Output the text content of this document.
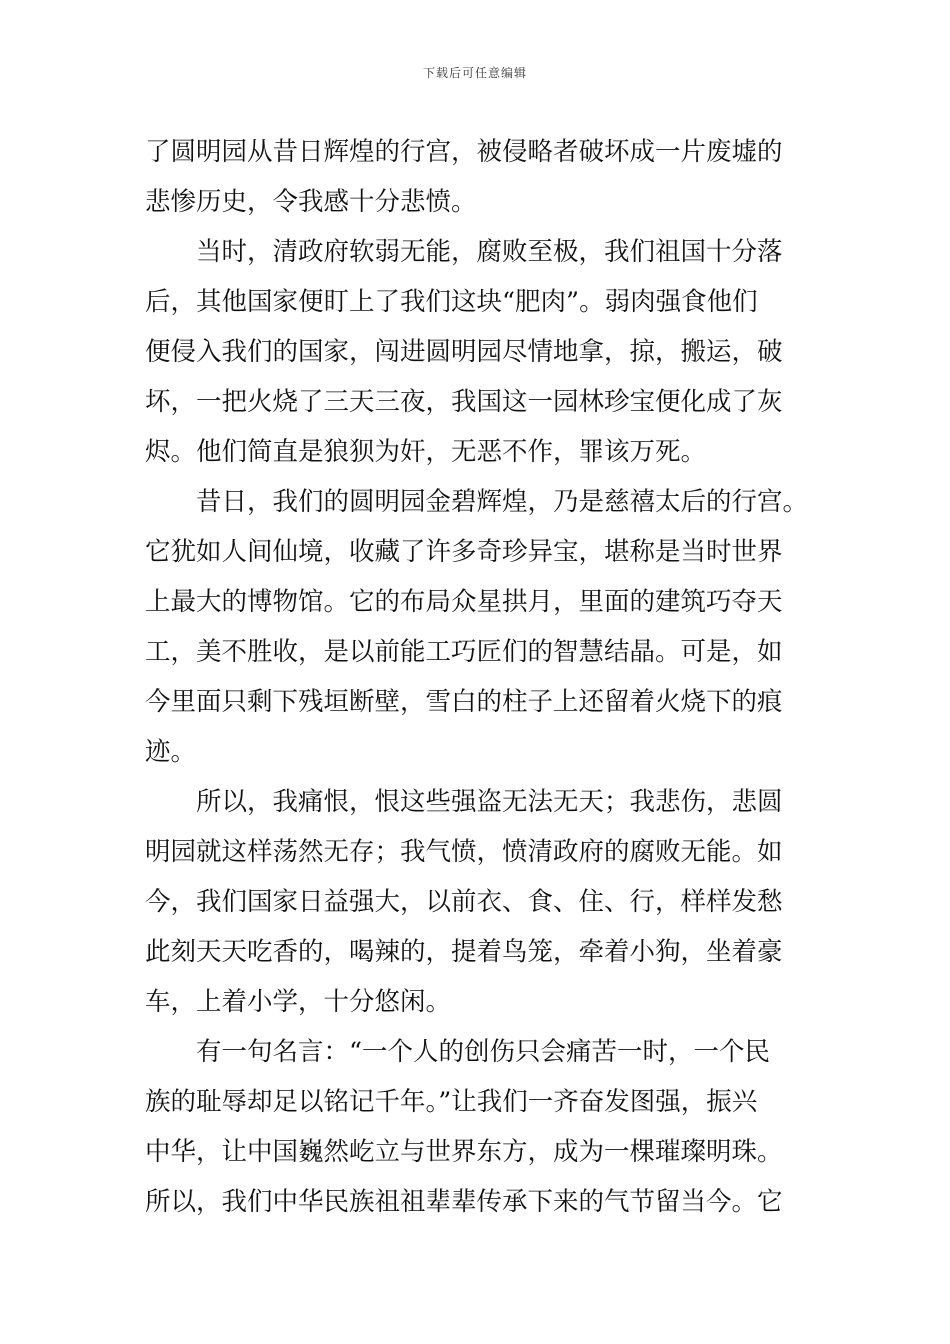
下载后可任意编辑
了圆明园从昔日辉煌的行宫，被侵略者破坏成一片废墟的
悲惨历史，令我感十分悲愤。
　　当时，清政府软弱无能，腐败至极，我们祖国十分落
后，其他国家便盯上了我们这块“肥肉”。弱肉强食他们
便侵入我们的国家，闯进圆明园尽情地拿，掠，搬运，破
坏，一把火烧了三天三夜，我国这一园林珍宝便化成了灰
烬。他们简直是狼狈为奸，无恶不作，罪该万死。
　　昔日，我们的圆明园金碧辉煌，乃是慈禧太后的行宫。
它犹如人间仙境，收藏了许多奇珍异宝，堪称是当时世界
上最大的博物馆。它的布局众星拱月，里面的建筑巧夺天
工，美不胜收，是以前能工巧匠们的智慧结晶。可是，如
今里面只剩下残垣断壁，雪白的柱子上还留着火烧下的痕
迹。
　　所以，我痛恨，恨这些强盗无法无天；我悲伤，悲圆
明园就这样荡然无存；我气愤，愤清政府的腐败无能。如
今，我们国家日益强大，以前衣、食、住、行，样样发愁
此刻天天吃香的，喝辣的，提着鸟笼，牵着小狗，坐着豪
车，上着小学，十分悠闲。
　　有一句名言：“一个人的创伤只会痛苦一时，一个民
族的耻辱却足以铭记千年。”让我们一齐奋发图强，振兴
中华，让中国巍然屹立与世界东方，成为一棵璀璨明珠。
所以，我们中华民族祖祖辈辈传承下来的气节留当今。它
